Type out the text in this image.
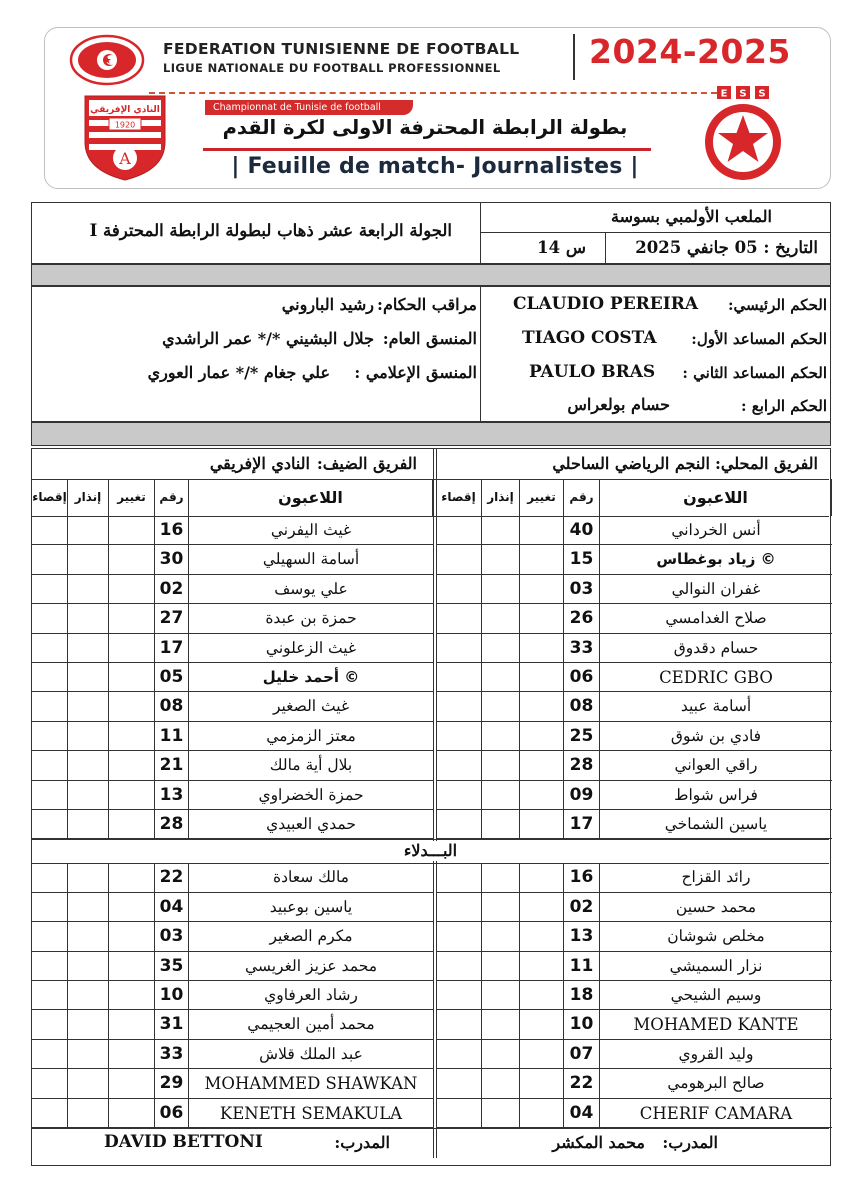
FEDERATION TUNISIENNE DE FOOTBALL
LIGUE NATIONALE DU FOOTBALL PROFESSIONNEL	2024-2025
1920
النادي الإفريقي
A
Championnat de Tunisie de football
بطولة الرابطة المحترفة الاولى لكرة القدم
| Feuille de match- Journalistes |
E S S
الجولة الرابعة عشر ذهاب لبطولة الرابطة المحترفة I
الملعب الأولمبي بسوسة
التاريخ : 05 جانفي 2025
س 14
الحكم الرئيسي:
CLAUDIO PEREIRA
الحكم المساعد الأول:
TIAGO COSTA
الحكم المساعد الثاني :
PAULO BRAS
الحكم الرابع :
حسام بولعراس
مراقب الحكام:
رشيد الباروني
المنسق العام:
جلال البشيني */* عمر الراشدي
المنسق الإعلامي :
علي جغام */* عمار العوري
الفريق المحلي:
النجم الرياضي الساحلي
الفريق الضيف:
النادي الإفريقي
إقصاء إنذار	تغيير	رقم	اللاعبون	إقصاء إنذار	تغيير	رقم	اللاعبون
16	غيث اليفرني
30	أسامة السهيلي
02	علي يوسف
27	حمزة بن عبدة
17	غيث الزعلوني
05	أحمد خليل ©
08	غيث الصغير
11	معتز الزمزمي
21	بلال أية مالك
13	حمزة الخضراوي
28	حمدي العبيدي
40	أنس الخرداني
15	زياد بوغطاس ©
03	غفران النوالي
26	صلاح الغدامسي
33	حسام دقدوق
06	CEDRIC GBO
08	أسامة عبيد
25	فادي بن شوق
28	راقي العواني
09	فراس شواط
17	ياسين الشماخي
البـــدلاء
22	مالك سعادة
04	ياسين بوعبيد
03	مكرم الصغير
35	محمد عزيز الغريسي
10	رشاد العرفاوي
31	محمد أمين العجيمي
33	عبد الملك قلاش
29	MOHAMMED SHAWKAN
06	KENETH SEMAKULA
16	رائد القزاح
02	محمد حسين
13	مخلص شوشان
11	نزار السميشي
18	وسيم الشيحي
10	MOHAMED KANTE
07	وليد القروي
22	صالح البرهومي
04	CHERIF CAMARA
المدرب:
محمد المكشر
المدرب:
DAVID BETTONI
